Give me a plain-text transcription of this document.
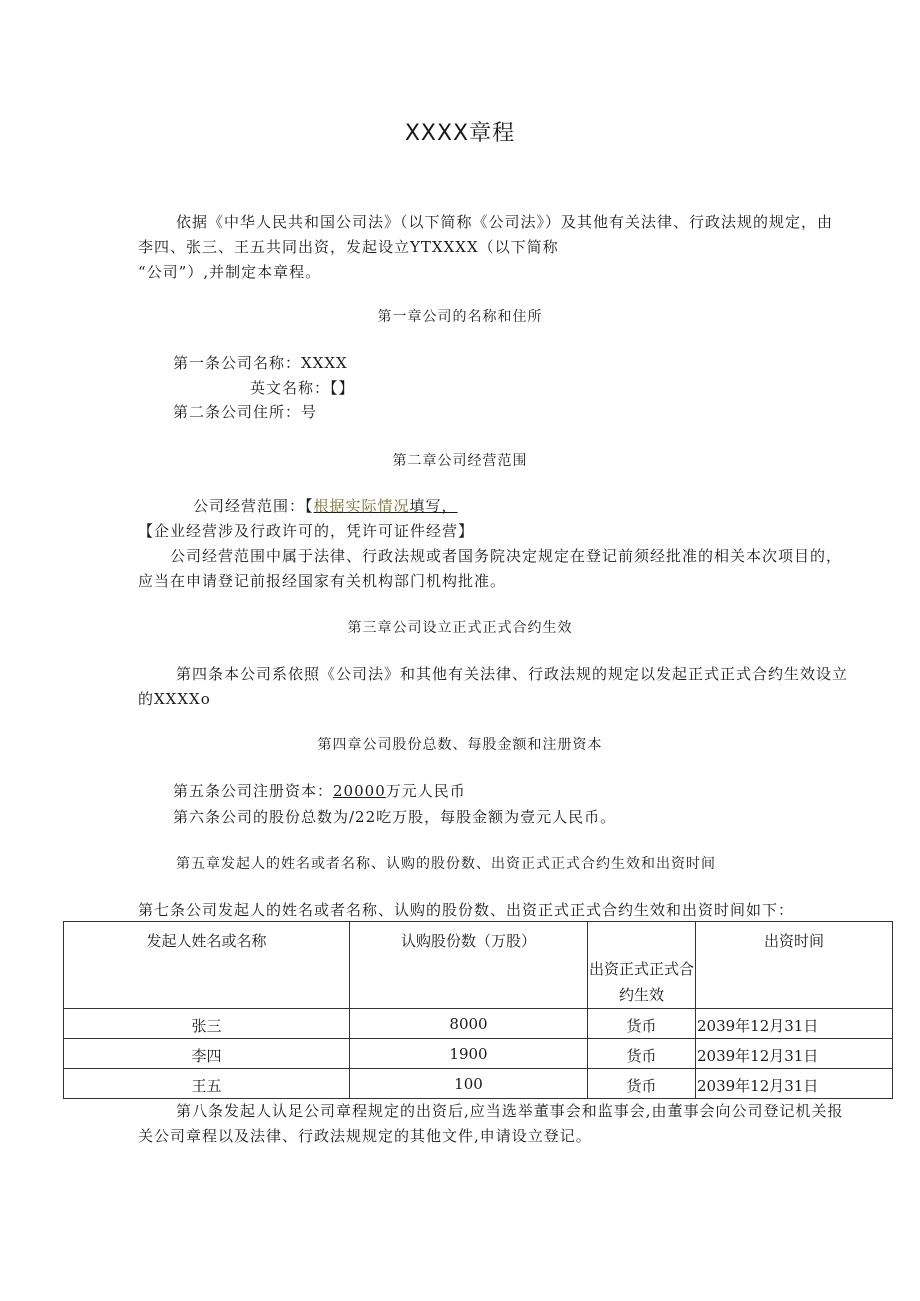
XXXX章程
依据《中华人民共和国公司法》（以下简称《公司法》）及其他有关法律、行政法规的规定，由
李四、张三、王五共同出资，发起设立YTXXXX（以下简称
“公司”）,并制定本章程。
第一章公司的名称和住所
第一条公司名称：XXXX
英文名称：【】
第二条公司住所：号
第二章公司经营范围
公司经营范围：【根据实际情况填写，
【企业经营涉及行政许可的，凭许可证件经营】
公司经营范围中属于法律、行政法规或者国务院决定规定在登记前须经批准的相关本次项目的，
应当在申请登记前报经国家有关机构部门机构批准。
第三章公司设立正式正式合约生效
第四条本公司系依照《公司法》和其他有关法律、行政法规的规定以发起正式正式合约生效设立
的XXXXo
第四章公司股份总数、每股金额和注册资本
第五条公司注册资本：20000万元人民币
第六条公司的股份总数为/22吃万股，每股金额为壹元人民币。
第五章发起人的姓名或者名称、认购的股份数、出资正式正式合约生效和出资时间
第七条公司发起人的姓名或者名称、认购的股份数、出资正式正式合约生效和出资时间如下：
发起人姓名或名称	认购股份数（万股）	出资正式正式合约生效	出资时间

张三	8000	货币	2039年12月31日

李四	1900	货币	2039年12月31日

王五	100	货币	2039年12月31日
第八条发起人认足公司章程规定的出资后,应当选举董事会和监事会,由董事会向公司登记机关报
关公司章程以及法律、行政法规规定的其他文件,申请设立登记。
